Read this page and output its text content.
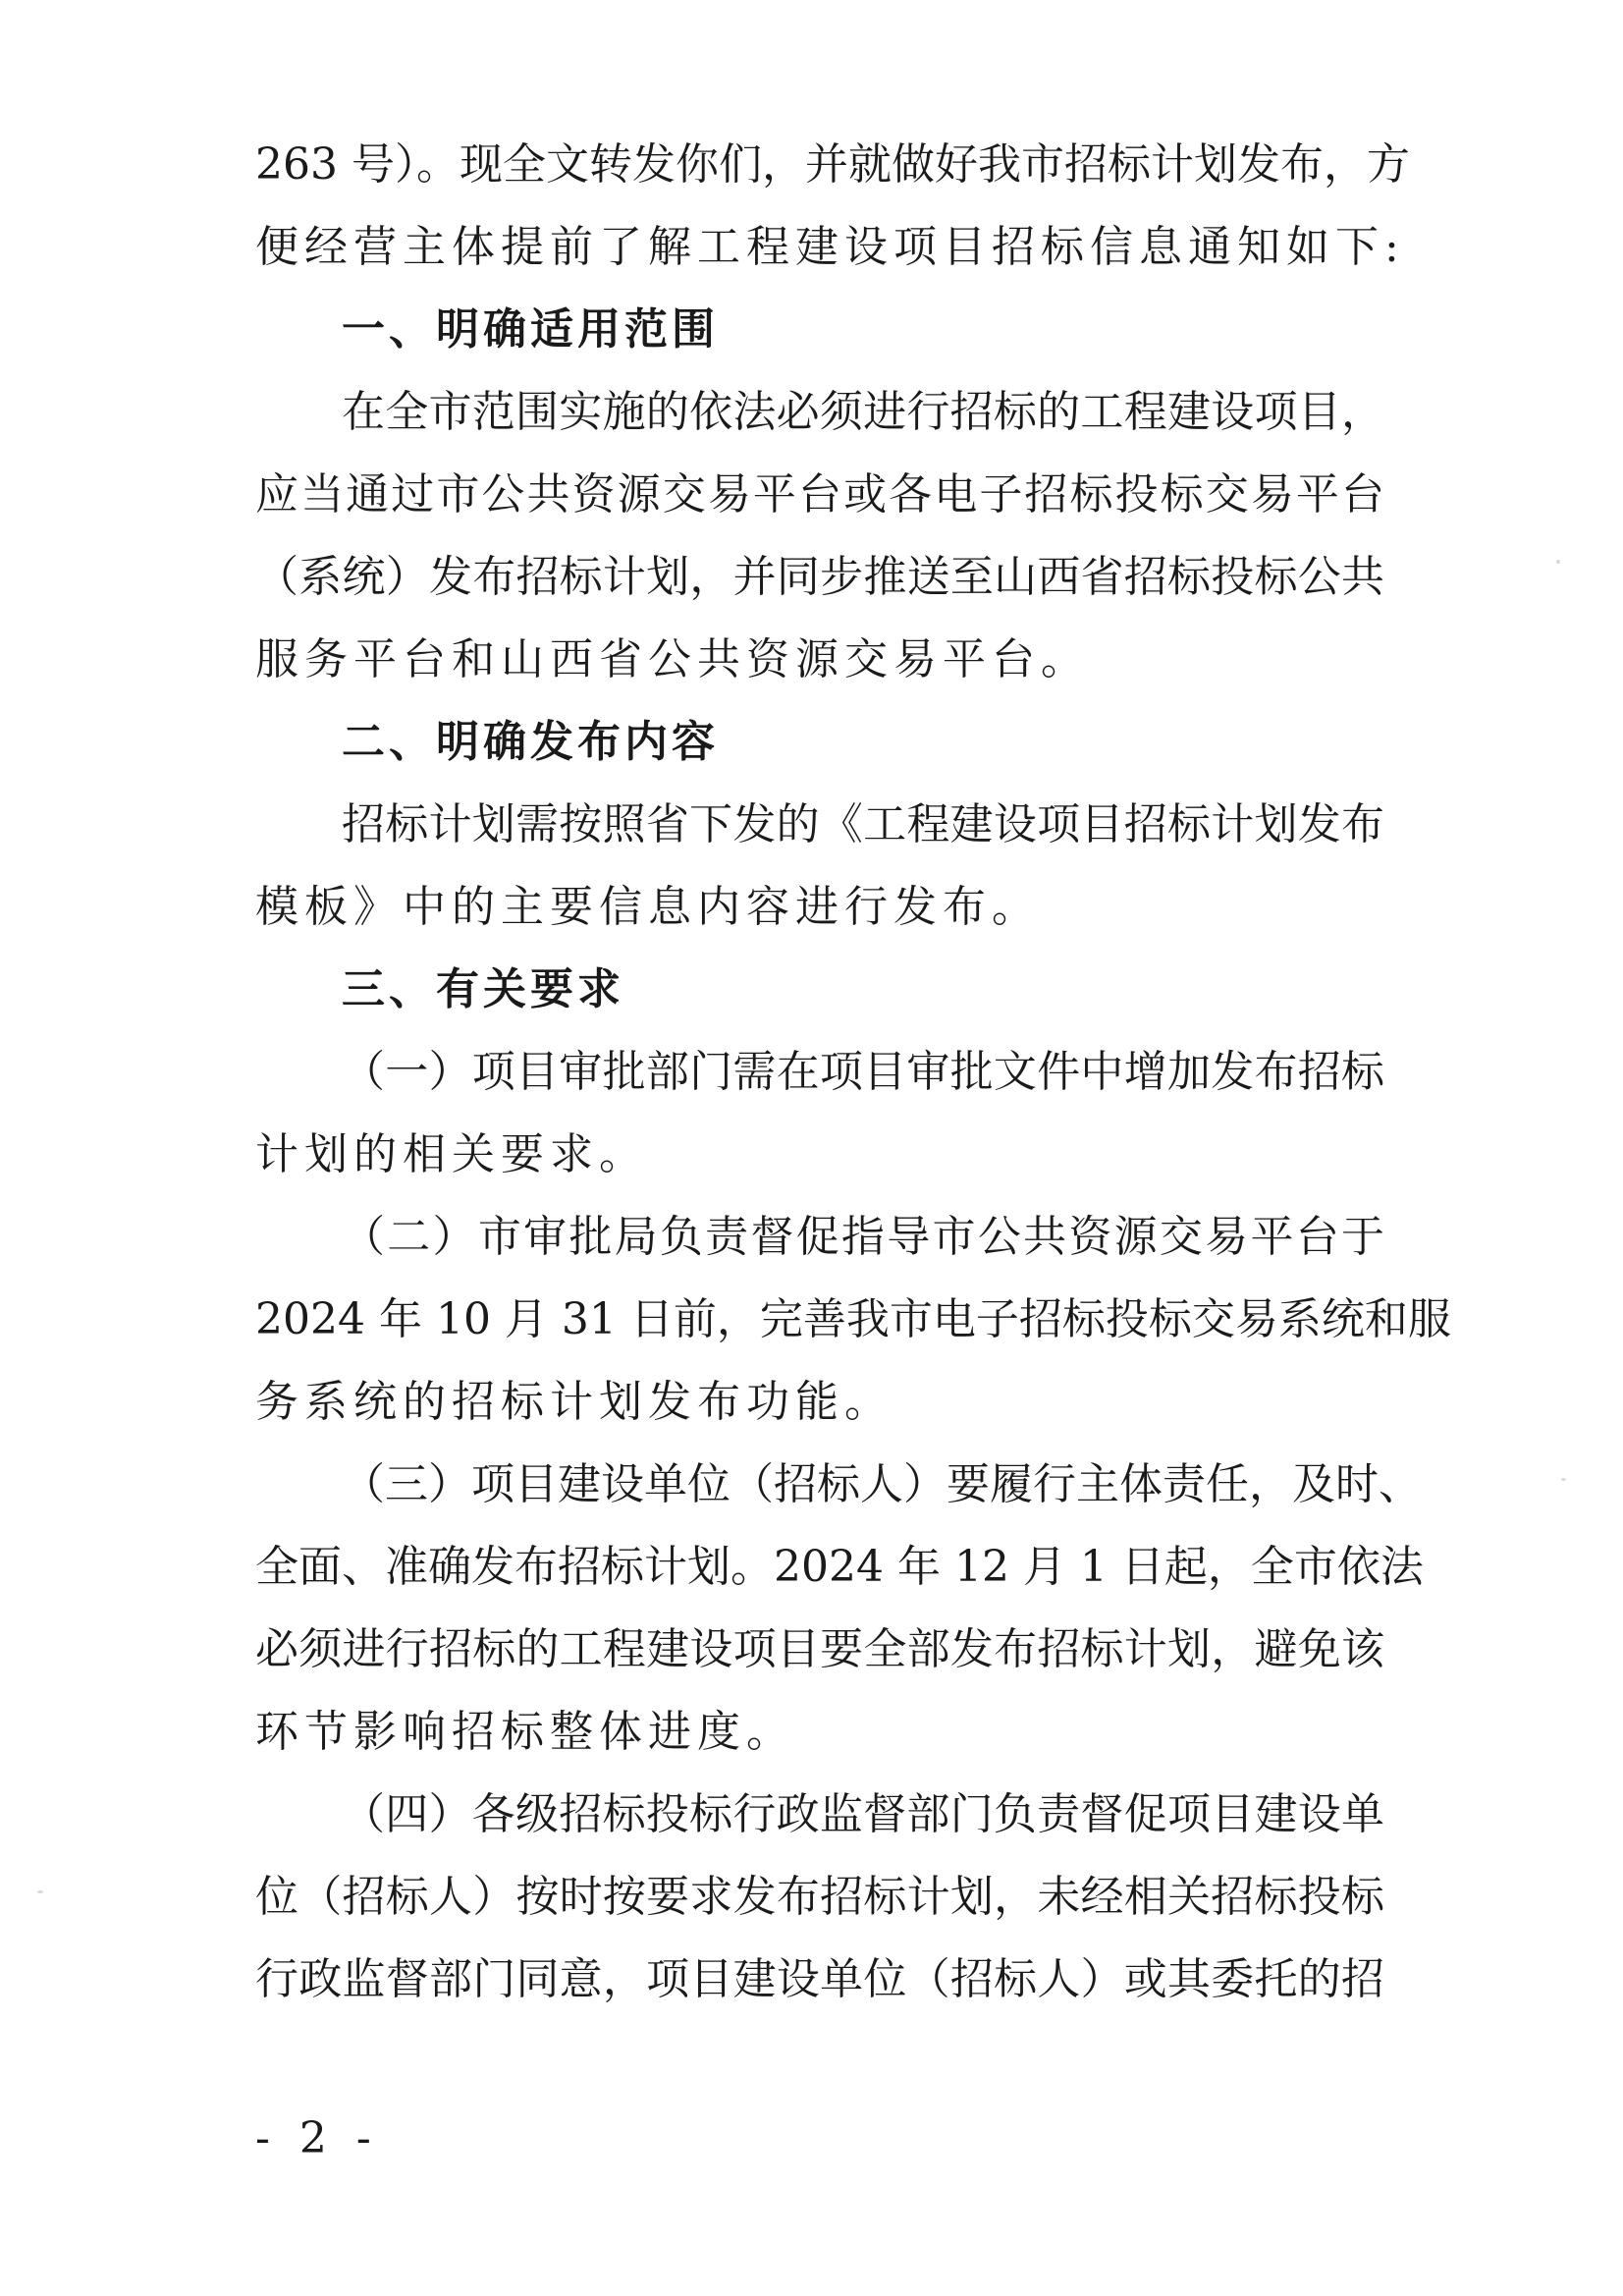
263 号）。现全文转发你们，并就做好我市招标计划发布，方
便经营主体提前了解工程建设项目招标信息通知如下:
一、明确适用范围
在全市范围实施的依法必须进行招标的工程建设项目，
应当通过市公共资源交易平台或各电子招标投标交易平台
（系统）发布招标计划，并同步推送至山西省招标投标公共
服务平台和山西省公共资源交易平台。
二、明确发布内容
招标计划需按照省下发的《工程建设项目招标计划发布
模板》中的主要信息内容进行发布。
三、有关要求
（一）项目审批部门需在项目审批文件中增加发布招标
计划的相关要求。
（二）市审批局负责督促指导市公共资源交易平台于
2024 年 10 月 31 日前，完善我市电子招标投标交易系统和服
务系统的招标计划发布功能。
（三）项目建设单位（招标人）要履行主体责任，及时、
全面、准确发布招标计划。2024 年 12 月 1 日起，全市依法
必须进行招标的工程建设项目要全部发布招标计划，避免该
环节影响招标整体进度。
（四）各级招标投标行政监督部门负责督促项目建设单
位（招标人）按时按要求发布招标计划，未经相关招标投标
行政监督部门同意，项目建设单位（招标人）或其委托的招
- 2 -
